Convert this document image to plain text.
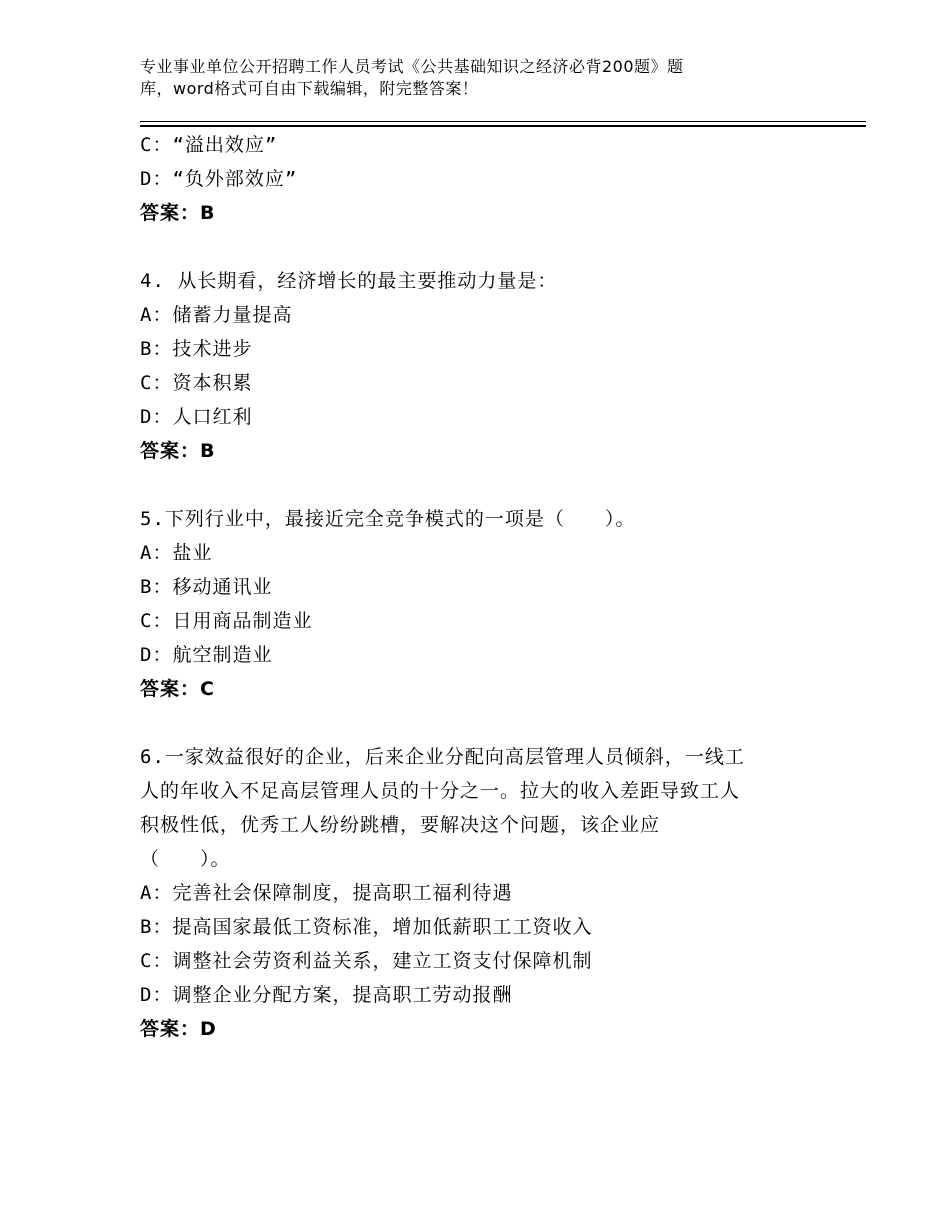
专业事业单位公开招聘工作人员考试《公共基础知识之经济必背200题》题
库，word格式可自由下载编辑，附完整答案！
C：“溢出效应”
D：“负外部效应”
答案：B
4. 从长期看，经济增长的最主要推动力量是：
A：储蓄力量提高
B：技术进步
C：资本积累
D：人口红利
答案：B
5.下列行业中，最接近完全竞争模式的一项是（　　）。
A：盐业
B：移动通讯业
C：日用商品制造业
D：航空制造业
答案：C
6.一家效益很好的企业，后来企业分配向高层管理人员倾斜，一线工
人的年收入不足高层管理人员的十分之一。拉大的收入差距导致工人
积极性低，优秀工人纷纷跳槽，要解决这个问题，该企业应
（　　）。
A：完善社会保障制度，提高职工福利待遇
B：提高国家最低工资标准，增加低薪职工工资收入
C：调整社会劳资利益关系，建立工资支付保障机制
D：调整企业分配方案，提高职工劳动报酬
答案：D
